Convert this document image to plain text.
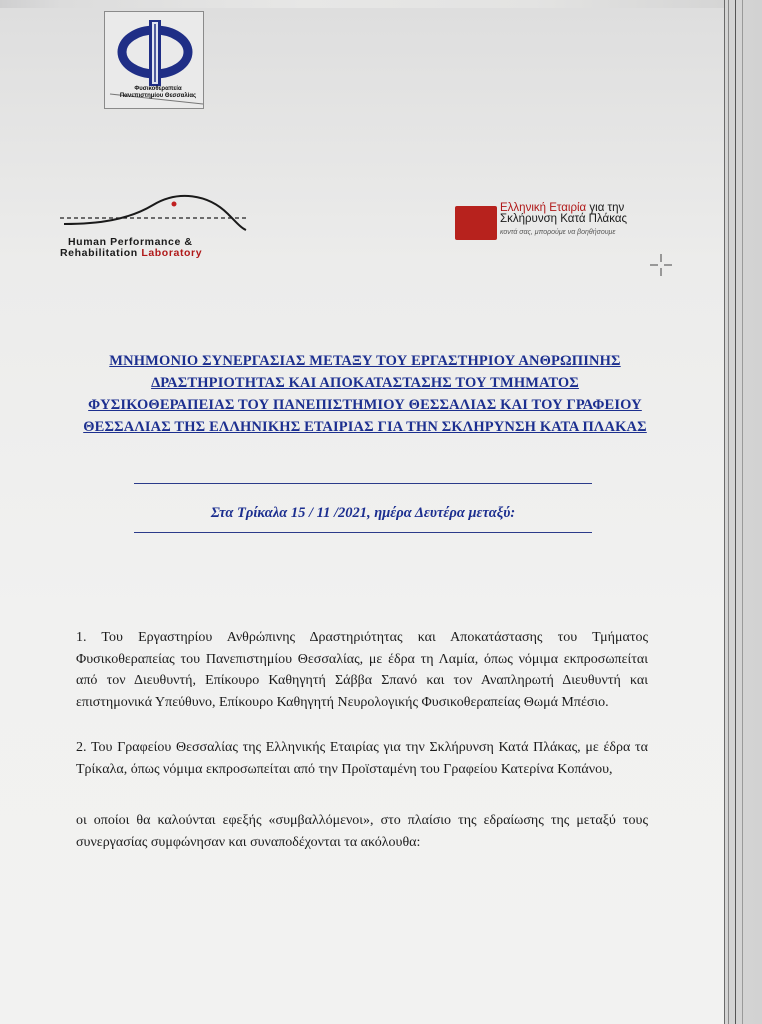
Φυσικοθεραπεία Πανεπιστημίου Θεσσαλίας
Human Performance &
Rehabilitation Laboratory
Ελληνική Εταιρία για την
Σκλήρυνση Κατά Πλάκας
κοντά σας, μπορούμε να βοηθήσουμε
ΜΝΗΜΟΝΙΟ ΣΥΝΕΡΓΑΣΙΑΣ ΜΕΤΑΞΥ ΤΟΥ ΕΡΓΑΣΤΗΡΙΟΥ ΑΝΘΡΩΠΙΝΗΣ ΔΡΑΣΤΗΡΙΟΤΗΤΑΣ ΚΑΙ ΑΠΟΚΑΤΑΣΤΑΣΗΣ ΤΟΥ ΤΜΗΜΑΤΟΣ ΦΥΣΙΚΟΘΕΡΑΠΕΙΑΣ ΤΟΥ ΠΑΝΕΠΙΣΤΗΜΙΟΥ ΘΕΣΣΑΛΙΑΣ ΚΑΙ ΤΟΥ ΓΡΑΦΕΙΟΥ ΘΕΣΣΑΛΙΑΣ ΤΗΣ ΕΛΛΗΝΙΚΗΣ ΕΤΑΙΡΙΑΣ ΓΙΑ ΤΗΝ ΣΚΛΗΡΥΝΣΗ ΚΑΤΑ ΠΛΑΚΑΣ
Στα Τρίκαλα 15 / 11 /2021, ημέρα Δευτέρα μεταξύ:
1. Του Εργαστηρίου Ανθρώπινης Δραστηριότητας και Αποκατάστασης του Τμήματος Φυσικοθεραπείας του Πανεπιστημίου Θεσσαλίας, με έδρα τη Λαμία, όπως νόμιμα εκπροσωπείται από τον Διευθυντή, Επίκουρο Καθηγητή Σάββα Σπανό και τον Αναπληρωτή Διευθυντή και επιστημονικά Υπεύθυνο, Επίκουρο Καθηγητή Νευρολογικής Φυσικοθεραπείας Θωμά Μπέσιο.
2. Του Γραφείου Θεσσαλίας της Ελληνικής Εταιρίας για την Σκλήρυνση Κατά Πλάκας, με έδρα τα Τρίκαλα, όπως νόμιμα εκπροσωπείται από την Προϊσταμένη του Γραφείου Κατερίνα Κοπάνου,
οι οποίοι θα καλούνται εφεξής «συμβαλλόμενοι», στο πλαίσιο της εδραίωσης της μεταξύ τους συνεργασίας συμφώνησαν και συναποδέχονται τα ακόλουθα:
